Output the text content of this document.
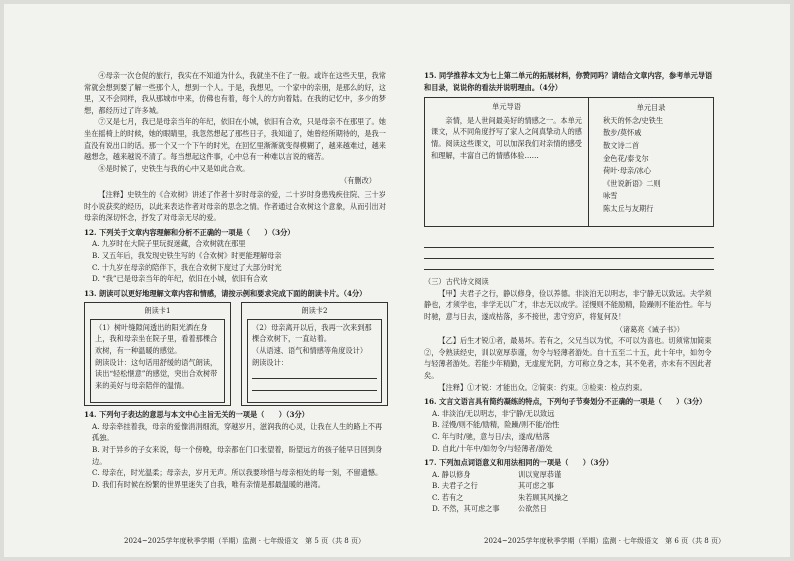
④母亲一次仓促的旅行，我实在不知道为什么，我就坐不住了一般。或许在这些天里，我常常就会想到要了解一些那个人，想到一个人。于是，我想见，一个家中的亲朋，是那么的好，这里，又不会同样，我从那城市中来，仿佛也有着，每个人的方向着陆。在我的记忆中，多少的梦想，都经历过了许多城。

⑦又是七月，我已是母亲当年的年纪，依旧在小城，依旧有合欢，只是母亲不在那里了。她坐在摇椅上的时候，她的眼睛里，我忽然想起了那些日子，我知道了，她曾经所期待的，是我一直没有说出口的话。那一个又一个下午的时光，在回忆里渐渐就变得模糊了，越来越难过，越来越想念，越来越说不清了。每当想起这件事，心中总有一种难以言说的痛苦。

⑧是时候了，史铁生与我的心中又是如此合欢。

（有删改）

【注释】史铁生的《合欢树》讲述了作者十岁时母亲的爱，二十岁时身患残疾住院、三十岁时小说获奖的经历，以此来表达作者对母亲的思念之情。作者通过合欢树这个意象，从而引出对母亲的深切怀念，抒发了对母亲无尽的爱。

12. 下列关于文章内容理解和分析不正确的一项是（　　）（3分）
A. 九岁时在大院子里玩捉迷藏，合欢树就在那里
B. 又五年后，我发现史铁生写的《合欢树》时更能理解母亲
C. 十九岁在母亲的陪伴下，我在合欢树下度过了大部分时光
D. “我”已是母亲当年的年纪，依旧在小城，依旧有合欢
13. 朗读可以更好地理解文章内容和情感，请按示例和要求完成下面的朗读卡片。（4分）
朗读卡1
（1）树叶缝隙间透出的阳光洒在身上，我和母亲坐在院子里，看着那棵合欢树，有一种温暖的感觉。
朗读设计：这句话用舒缓的语气朗读，读出“轻松惬意”的感觉，突出合欢树带来的美好与母亲陪伴的温情。
朗读卡2
（2）母亲离开以后，我再一次来到那棵合欢树下，一直站着。
（从语速、语气和情感等角度设计）
朗读设计：
14. 下列句子表达的意思与本文中心主旨无关的一项是（　　）（3分）
A. 母亲牵挂着我，母亲的爱像涓涓细流，穿越岁月，滋润我的心灵，让我在人生的路上不再孤独。
B. 对于异乡的子女来说，每一个傍晚，母亲都在门口张望着，盼望远方的孩子能早日回到身边。
C. 母亲在，时光温柔；母亲去，岁月无声。所以我要珍惜与母亲相处的每一刻，不留遗憾。
D. 我们有时候在纷繁的世界里迷失了自我，唯有亲情是那最温暖的港湾。
2024~2025学年度秋季学期（半期）监测 · 七年级语文　第 5 页（共 8 页）
15. 同学推荐本文为七上第二单元的拓展材料，你赞同吗？请结合文章内容，参考单元导语和目录，说说你的看法并说明理由。（4分）
单元导语
亲情，是人世间最美好的情感之一。本单元课文，从不同角度抒写了家人之间真挚动人的感情。阅读这些课文，可以加深我们对亲情的感受和理解，丰富自己的情感体验……
单元目录
秋天的怀念/史铁生
散步/莫怀戚
散文诗二首
金色花/泰戈尔
荷叶·母亲/冰心
《世说新语》二则
咏雪
陈太丘与友期行
（三）古代诗文阅读

【甲】夫君子之行，静以修身，俭以养德。非淡泊无以明志，非宁静无以致远。夫学须静也，才须学也，非学无以广才，非志无以成学。淫慢则不能励精，险躁则不能治性。年与时驰，意与日去，遂成枯落，多不接世，悲守穷庐，将复何及！

（诸葛亮《诫子书》）

【乙】后生才锐①者，最易坏。若有之，父兄当以为忧，不可以为喜也。切须常加简束②，令熟读经史，训以宽厚恭谨，勿令与轻薄者游处。自十五至二十五，此十年中，如勿令与轻薄者游处。若能少年精勤，无虚度光阴，方可称立身之本，其不免者，亦未有不因此者矣。

【注释】①才锐：才能出众。②简束：约束。③检束：检点约束。

16. 文言文语言具有简约凝练的特点，下列句子节奏划分不正确的一项是（　　）（3分）
A. 非淡泊/无以明志，非宁静/无以致远
B. 淫慢/则不能/励精，险躁/则不能/治性
C. 年与时/驰，意与日/去，遂成/枯落
D. 自此/十年中/如勿令/与轻薄者/游处
17. 下列加点词语意义和用法相同的一项是（　　）（3分）
A. 静以修身	训以宽厚恭谨
B. 夫君子之行	其可虑之事
C. 若有之	朱若顾其风操之
D. 不然，其可虑之事	公欲然日
2024~2025学年度秋季学期（半期）监测 · 七年级语文　第 6 页（共 8 页）
